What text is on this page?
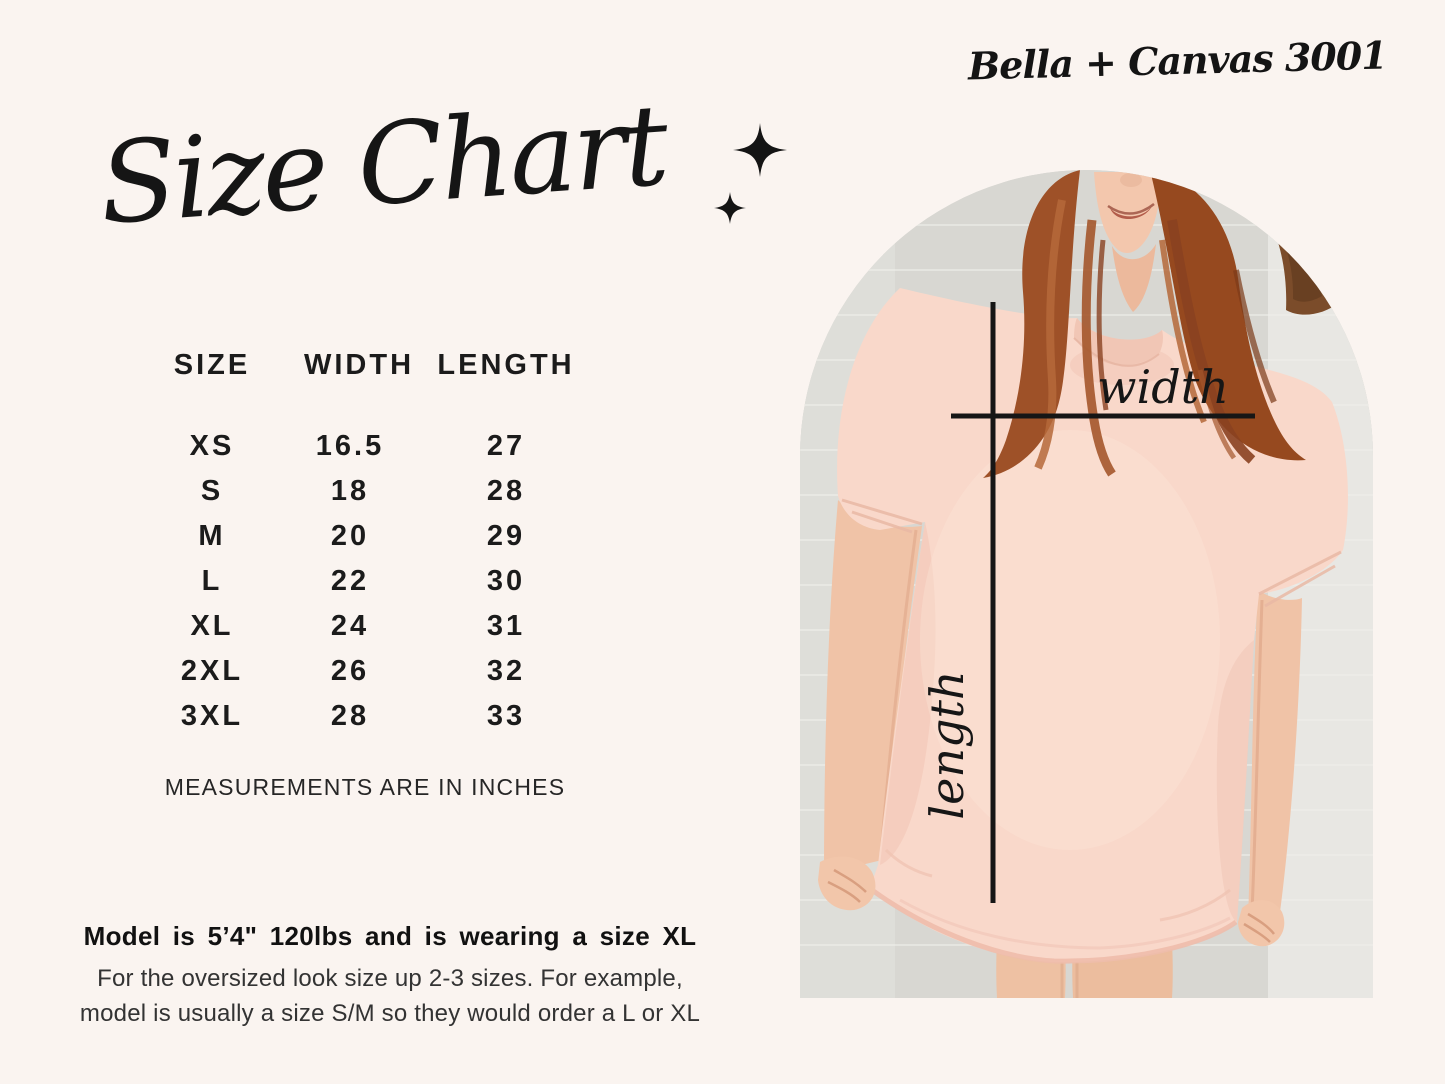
Bella + Canvas 3001
Size Chart
SIZE	WIDTH LENGTH
XS	16.5	27
S	18	28
M	20	29
L	22	30
XL	24	31
2XL	26	32
3XL	28	33
MEASUREMENTS ARE IN INCHES
Model is 5’4" 120lbs and is wearing a size XL
For the oversized look size up 2-3 sizes. For example,
model is usually a size S/M so they would order a L or XL
width
length
